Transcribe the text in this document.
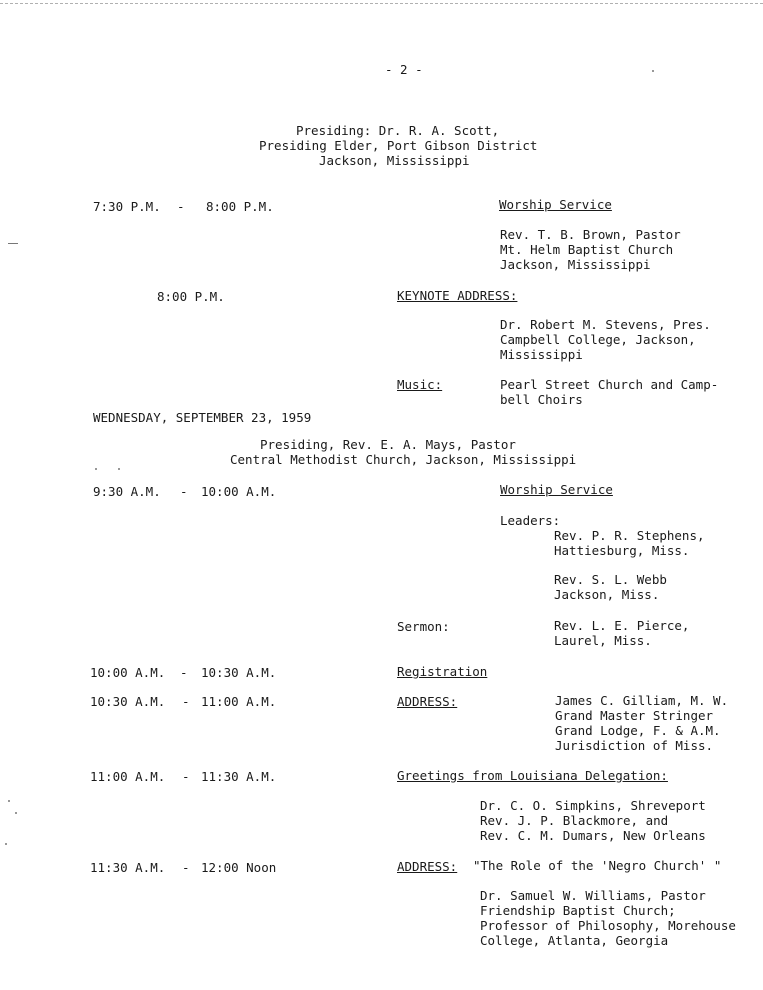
- 2 -
Presiding: Dr. R. A. Scott,
Presiding Elder, Port Gibson District
Jackson, Mississippi
7:30 P.M. - 8:00 P.M.	Worship Service
Rev. T. B. Brown, Pastor
Mt. Helm Baptist Church
Jackson, Mississippi
8:00 P.M.	KEYNOTE ADDRESS:
Dr. Robert M. Stevens, Pres.
Campbell College, Jackson,
Mississippi
Music:	Pearl Street Church and Camp-
bell Choirs
WEDNESDAY, SEPTEMBER 23, 1959
Presiding, Rev. E. A. Mays, Pastor
Central Methodist Church, Jackson, Mississippi
9:30 A.M. - 10:00 A.M.	Worship Service
Leaders:
Rev. P. R. Stephens,
Hattiesburg, Miss.
Rev. S. L. Webb
Jackson, Miss.
Sermon:	Rev. L. E. Pierce,
Laurel, Miss.
10:00 A.M. - 10:30 A.M.	Registration
10:30 A.M. - 11:00 A.M.	ADDRESS:	James C. Gilliam, M. W.
Grand Master Stringer
Grand Lodge, F. & A.M.
Jurisdiction of Miss.
11:00 A.M. - 11:30 A.M.	Greetings from Louisiana Delegation:
Dr. C. O. Simpkins, Shreveport
Rev. J. P. Blackmore, and
Rev. C. M. Dumars, New Orleans
11:30 A.M. - 12:00 Noon	ADDRESS: "The Role of the 'Negro Church' "
Dr. Samuel W. Williams, Pastor
Friendship Baptist Church;
Professor of Philosophy, Morehouse
College, Atlanta, Georgia
